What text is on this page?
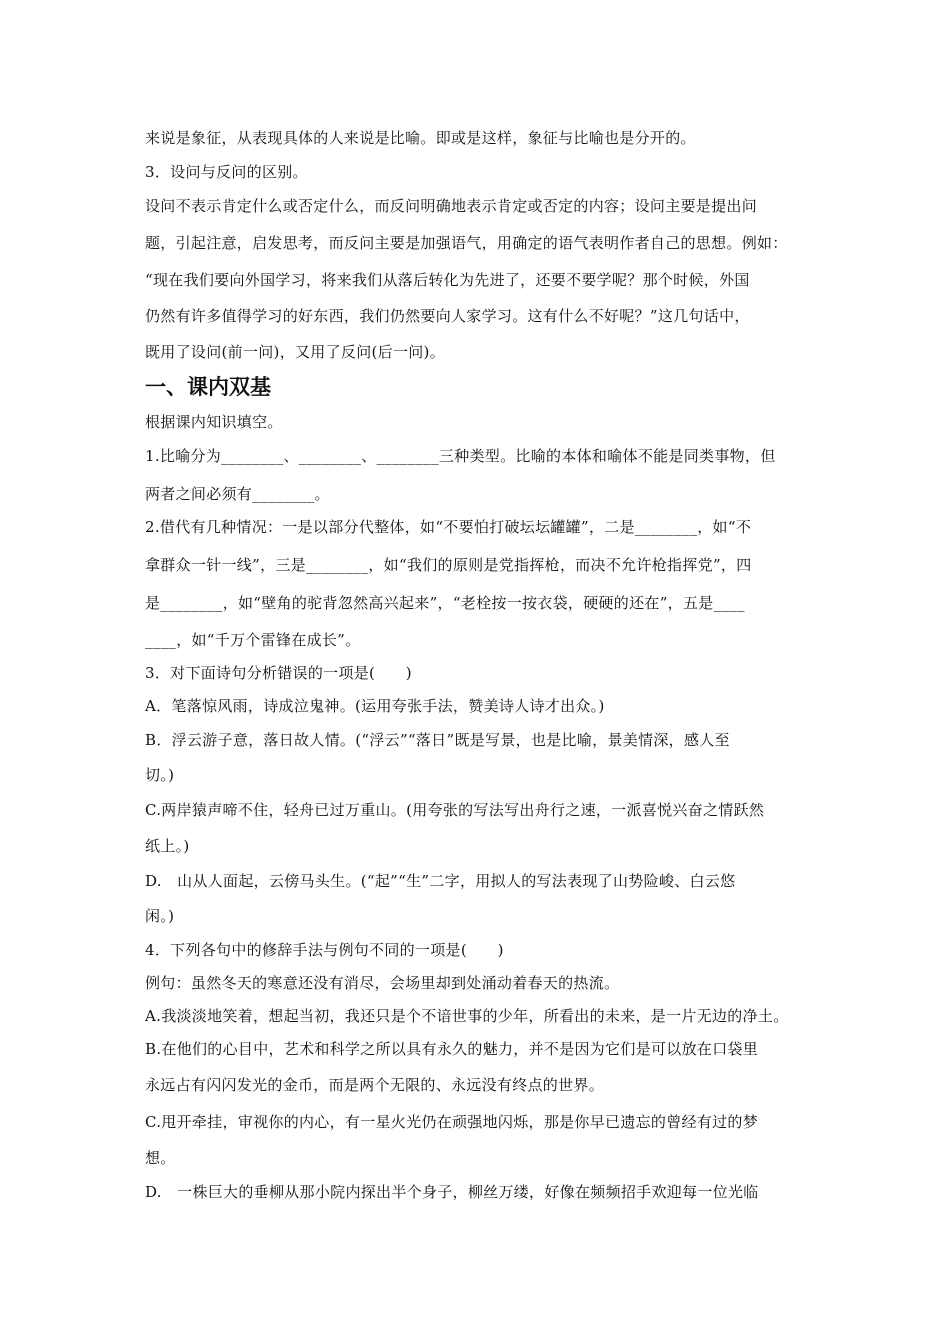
来说是象征，从表现具体的人来说是比喻。即或是这样，象征与比喻也是分开的。
3．设问与反问的区别。
设问不表示肯定什么或否定什么，而反问明确地表示肯定或否定的内容；设问主要是提出问
题，引起注意，启发思考，而反问主要是加强语气，用确定的语气表明作者自己的思想。例如：
“现在我们要向外国学习，将来我们从落后转化为先进了，还要不要学呢？那个时候，外国
仍然有许多值得学习的好东西，我们仍然要向人家学习。这有什么不好呢？”这几句话中，
既用了设问(前一问)，又用了反问(后一问)。
一、课内双基
根据课内知识填空。
1.比喻分为________、________、________三种类型。比喻的本体和喻体不能是同类事物，但
两者之间必须有________。
2.借代有几种情况：一是以部分代整体，如“不要怕打破坛坛罐罐”，二是________，如“不
拿群众一针一线”，三是________，如“我们的原则是党指挥枪，而决不允许枪指挥党”，四
是________，如“壁角的驼背忽然高兴起来”，“老栓按一按衣袋，硬硬的还在”，五是____
____，如“千万个雷锋在成长”。
3．对下面诗句分析错误的一项是(　　)
A．笔落惊风雨，诗成泣鬼神。(运用夸张手法，赞美诗人诗才出众。)
B．浮云游子意，落日故人情。(“浮云”“落日”既是写景，也是比喻，景美情深，感人至
切。)
C.两岸猿声啼不住，轻舟已过万重山。(用夸张的写法写出舟行之速，一派喜悦兴奋之情跃然
纸上。)
D.　山从人面起，云傍马头生。(“起”“生”二字，用拟人的写法表现了山势险峻、白云悠
闲。)
4．下列各句中的修辞手法与例句不同的一项是(　　)
例句：虽然冬天的寒意还没有消尽，会场里却到处涌动着春天的热流。
A.我淡淡地笑着，想起当初，我还只是个不谙世事的少年，所看出的未来，是一片无边的净土。
B.在他们的心目中，艺术和科学之所以具有永久的魅力，并不是因为它们是可以放在口袋里
永远占有闪闪发光的金币，而是两个无限的、永远没有终点的世界。
C.甩开牵挂，审视你的内心，有一星火光仍在顽强地闪烁，那是你早已遗忘的曾经有过的梦
想。
D.　一株巨大的垂柳从那小院内探出半个身子，柳丝万缕，好像在频频招手欢迎每一位光临
